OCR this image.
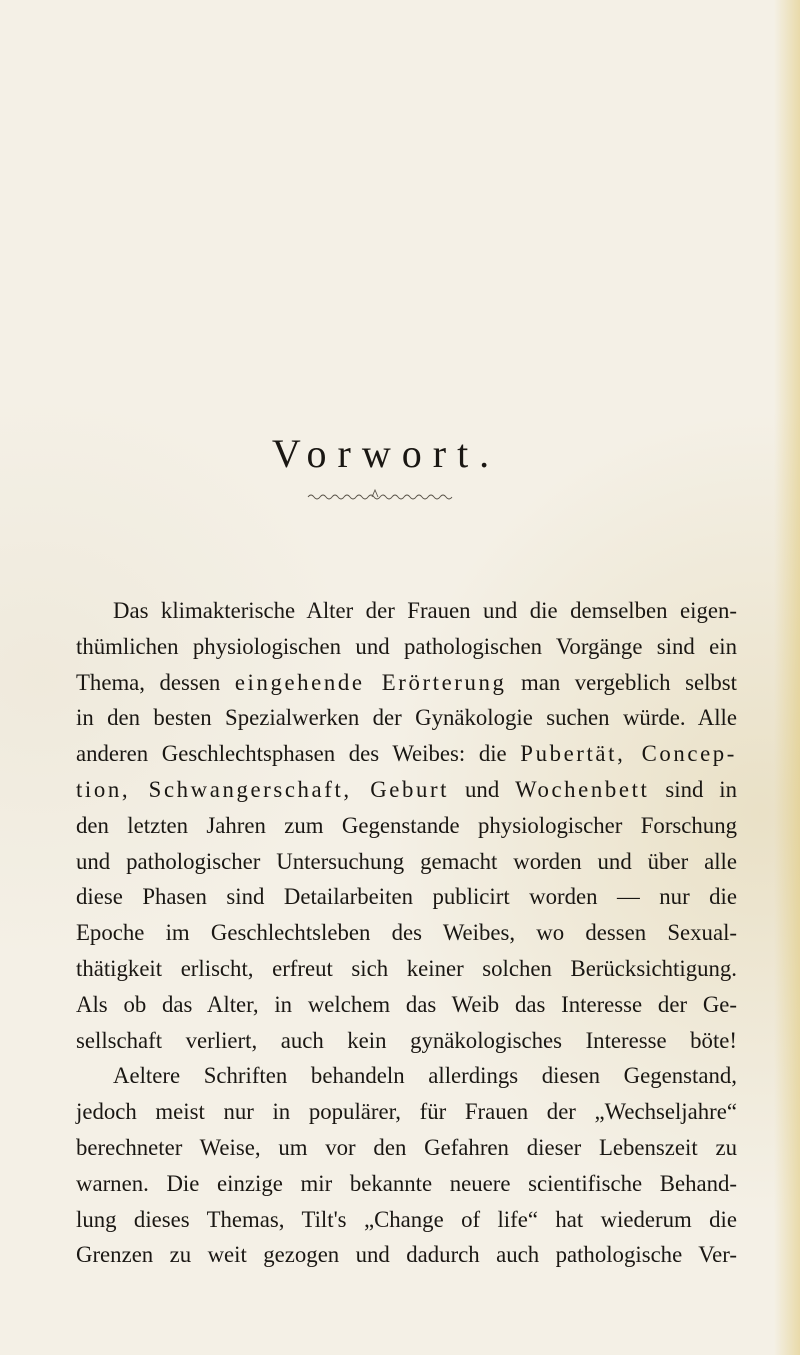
Vorwort.

Das klimakterische Alter der Frauen und die demselben eigen-
thümlichen physiologischen und pathologischen Vorgänge sind ein
Thema, dessen eingehende Erörterung man vergeblich selbst
in den besten Spezialwerken der Gynäkologie suchen würde. Alle
anderen Geschlechtsphasen des Weibes: die Pubertät, Concep-
tion, Schwangerschaft, Geburt und Wochenbett sind in
den letzten Jahren zum Gegenstande physiologischer Forschung
und pathologischer Untersuchung gemacht worden und über alle
diese Phasen sind Detailarbeiten publicirt worden — nur die
Epoche im Geschlechtsleben des Weibes, wo dessen Sexual-
thätigkeit erlischt, erfreut sich keiner solchen Berücksichtigung.
Als ob das Alter, in welchem das Weib das Interesse der Ge-
sellschaft verliert, auch kein gynäkologisches Interesse böte!

Aeltere Schriften behandeln allerdings diesen Gegenstand,
jedoch meist nur in populärer, für Frauen der „Wechseljahre“
berechneter Weise, um vor den Gefahren dieser Lebenszeit zu
warnen. Die einzige mir bekannte neuere scientifische Behand-
lung dieses Themas, Tilt's „Change of life“ hat wiederum die
Grenzen zu weit gezogen und dadurch auch pathologische Ver-
